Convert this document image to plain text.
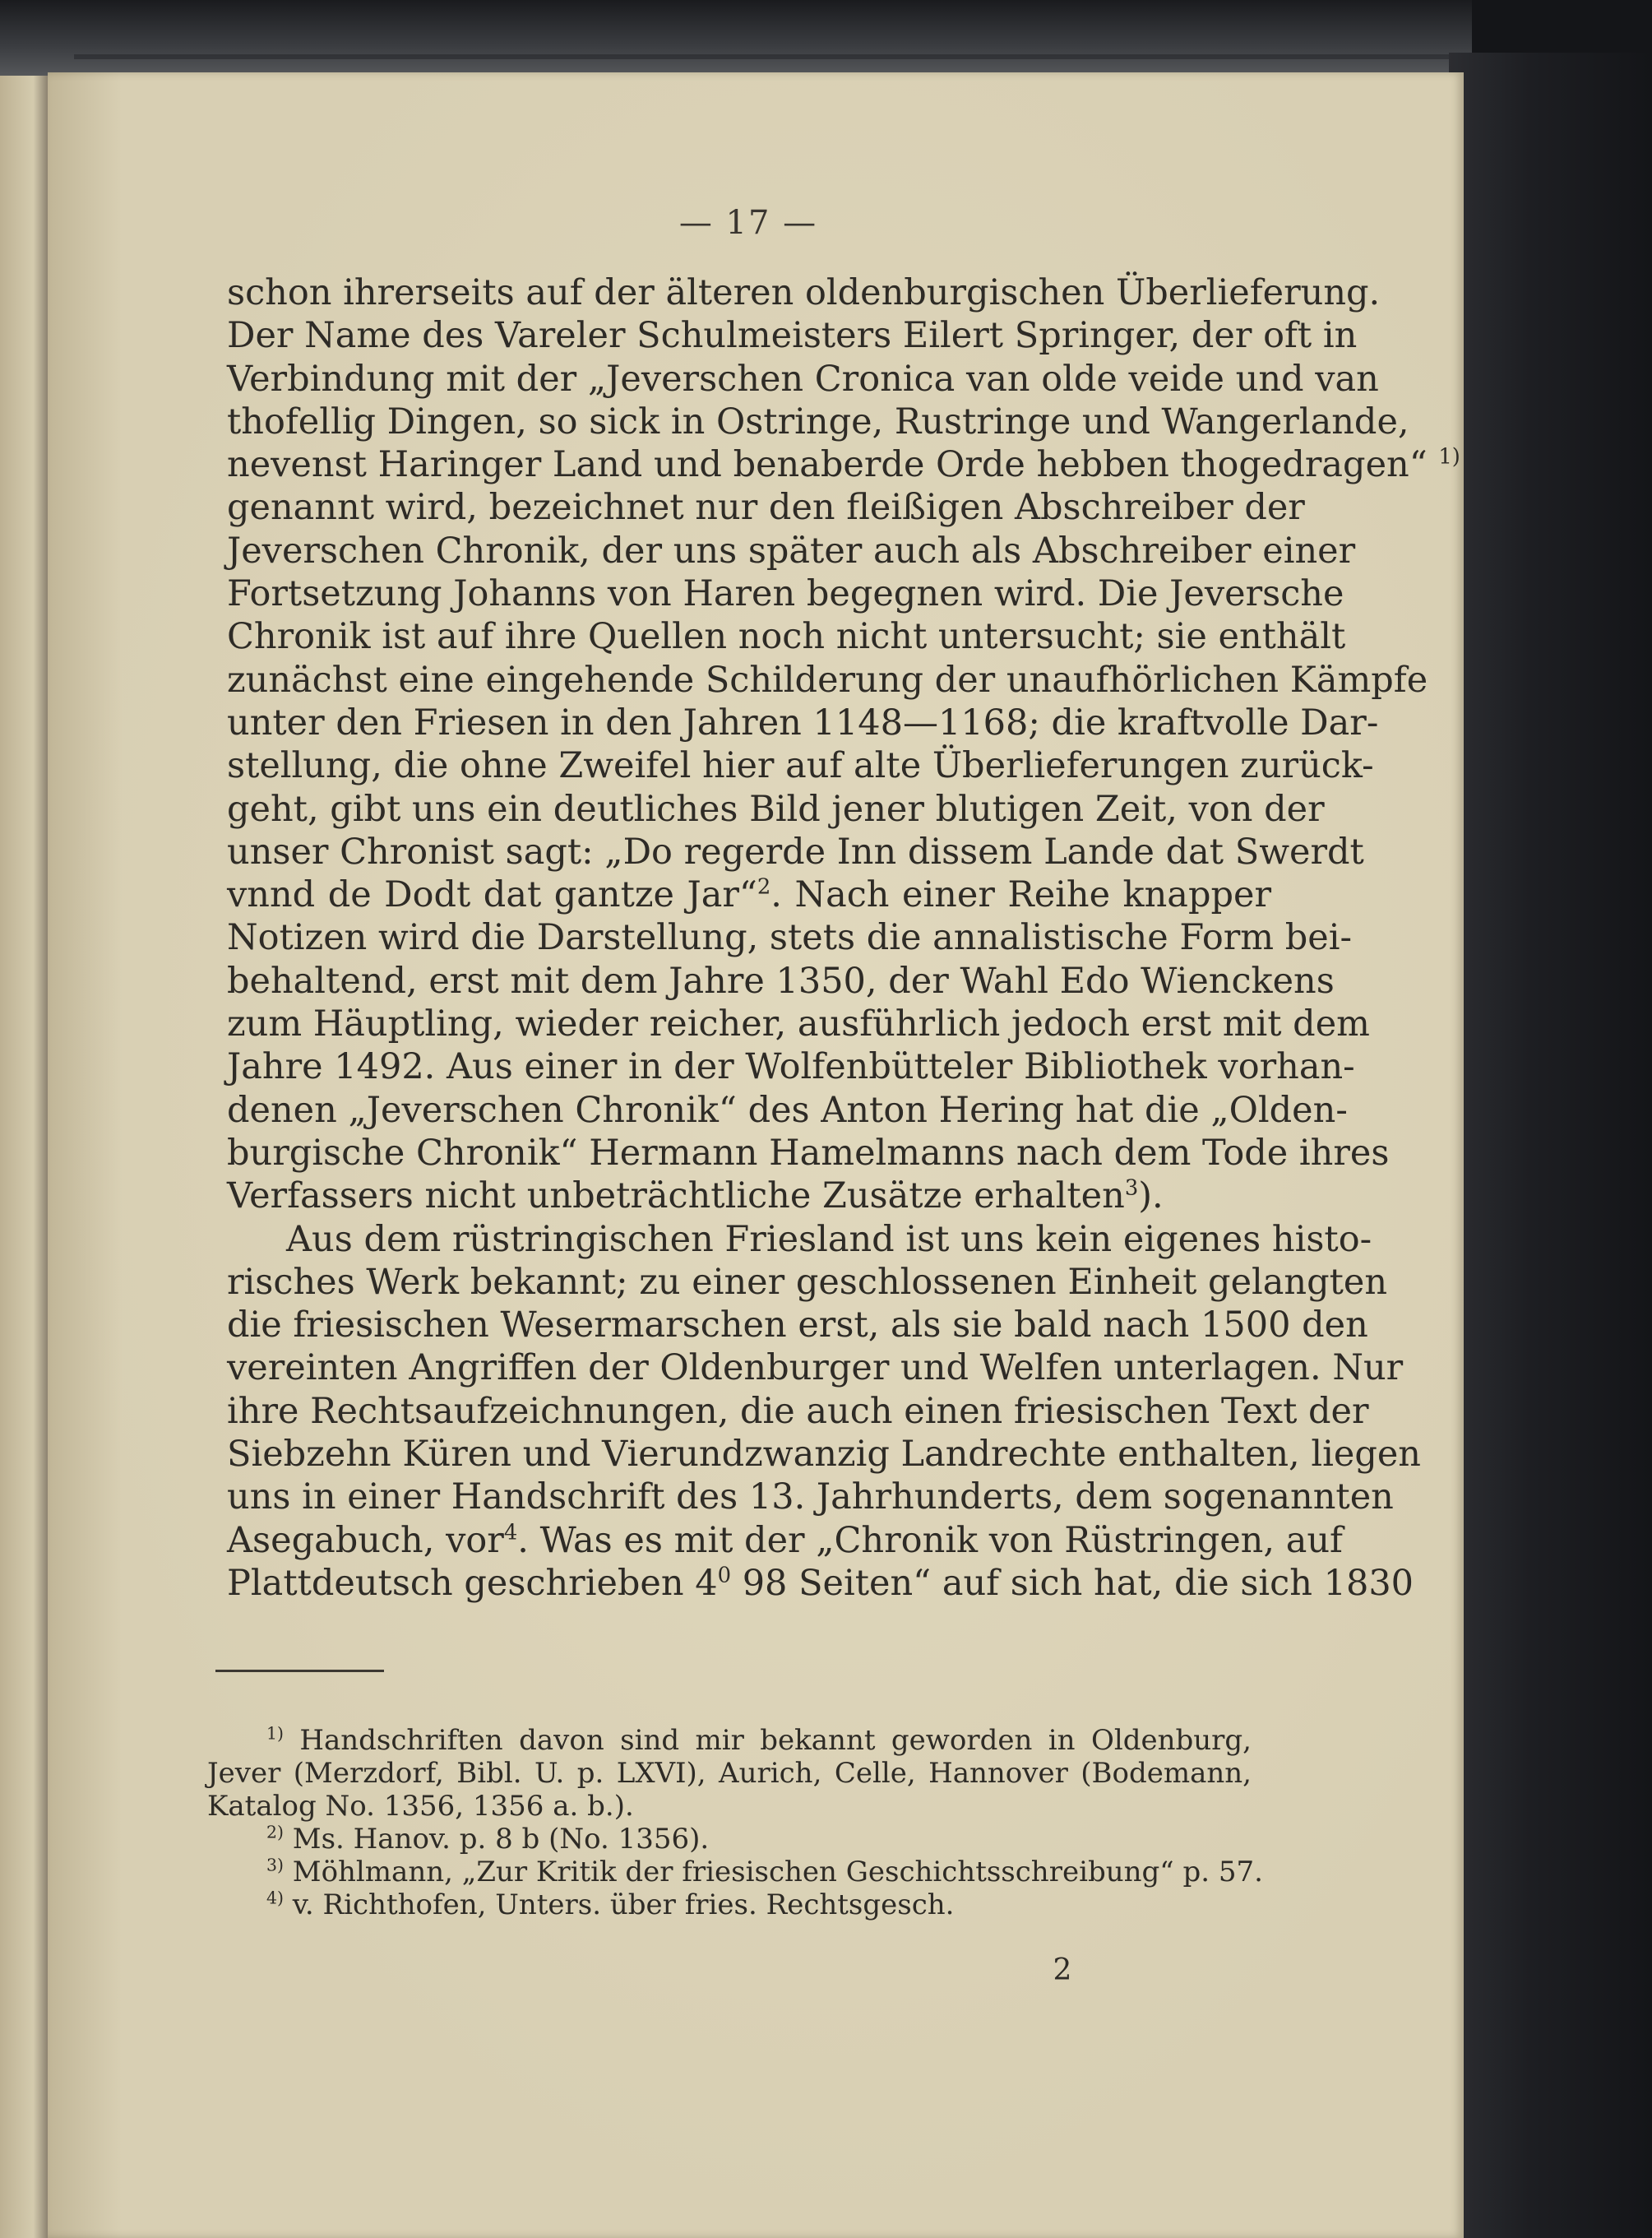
— 17 —
schon ihrerseits auf der älteren oldenburgischen Überlieferung.
Der Name des Vareler Schulmeisters Eilert Springer, der oft in
Verbindung mit der „Jeverschen Cronica van olde veide und van
thofellig Dingen, so sick in Ostringe, Rustringe und Wangerlande,
nevenst Haringer Land und benaberde Orde hebben thogedragen“ $^{1)}$
genannt wird, bezeichnet nur den fleißigen Abschreiber der
Jeverschen Chronik, der uns später auch als Abschreiber einer
Fortsetzung Johanns von Haren begegnen wird. Die Jeversche
Chronik ist auf ihre Quellen noch nicht untersucht; sie enthält
zunächst eine eingehende Schilderung der unaufhörlichen Kämpfe
unter den Friesen in den Jahren 1148—1168; die kraftvolle Dar-
stellung, die ohne Zweifel hier auf alte Überlieferungen zurück-
geht, gibt uns ein deutliches Bild jener blutigen Zeit, von der
unser Chronist sagt: „Do regerde Inn dissem Lande dat Swerdt
vnnd de Dodt dat gantze Jar“$^2$. Nach einer Reihe knapper
Notizen wird die Darstellung, stets die annalistische Form bei-
behaltend, erst mit dem Jahre 1350, der Wahl Edo Wienckens
zum Häuptling, wieder reicher, ausführlich jedoch erst mit dem
Jahre 1492. Aus einer in der Wolfenbütteler Bibliothek vorhan-
denen „Jeverschen Chronik“ des Anton Hering hat die „Olden-
burgische Chronik“ Hermann Hamelmanns nach dem Tode ihres
Verfassers nicht unbeträchtliche Zusätze erhalten$^3$).
Aus dem rüstringischen Friesland ist uns kein eigenes histo-
risches Werk bekannt; zu einer geschlossenen Einheit gelangten
die friesischen Wesermarschen erst, als sie bald nach 1500 den
vereinten Angriffen der Oldenburger und Welfen unterlagen. Nur
ihre Rechtsaufzeichnungen, die auch einen friesischen Text der
Siebzehn Küren und Vierundzwanzig Landrechte enthalten, liegen
uns in einer Handschrift des 13. Jahrhunderts, dem sogenannten
Asegabuch, vor$^4$. Was es mit der „Chronik von Rüstringen, auf
Plattdeutsch geschrieben $4^0$ 98 Seiten“ auf sich hat, die sich 1830
$^{1)}$ Handschriften davon sind mir bekannt geworden in Oldenburg,
Jever (Merzdorf, Bibl. U. p. LXVI), Aurich, Celle, Hannover (Bodemann,
Katalog No. 1356, 1356 a. b.).
$^{2)}$ Ms. Hanov. p. 8 b (No. 1356).
$^{3)}$ Möhlmann, „Zur Kritik der friesischen Geschichtsschreibung“ p. 57.
$^{4)}$ v. Richthofen, Unters. über fries. Rechtsgesch.
2
